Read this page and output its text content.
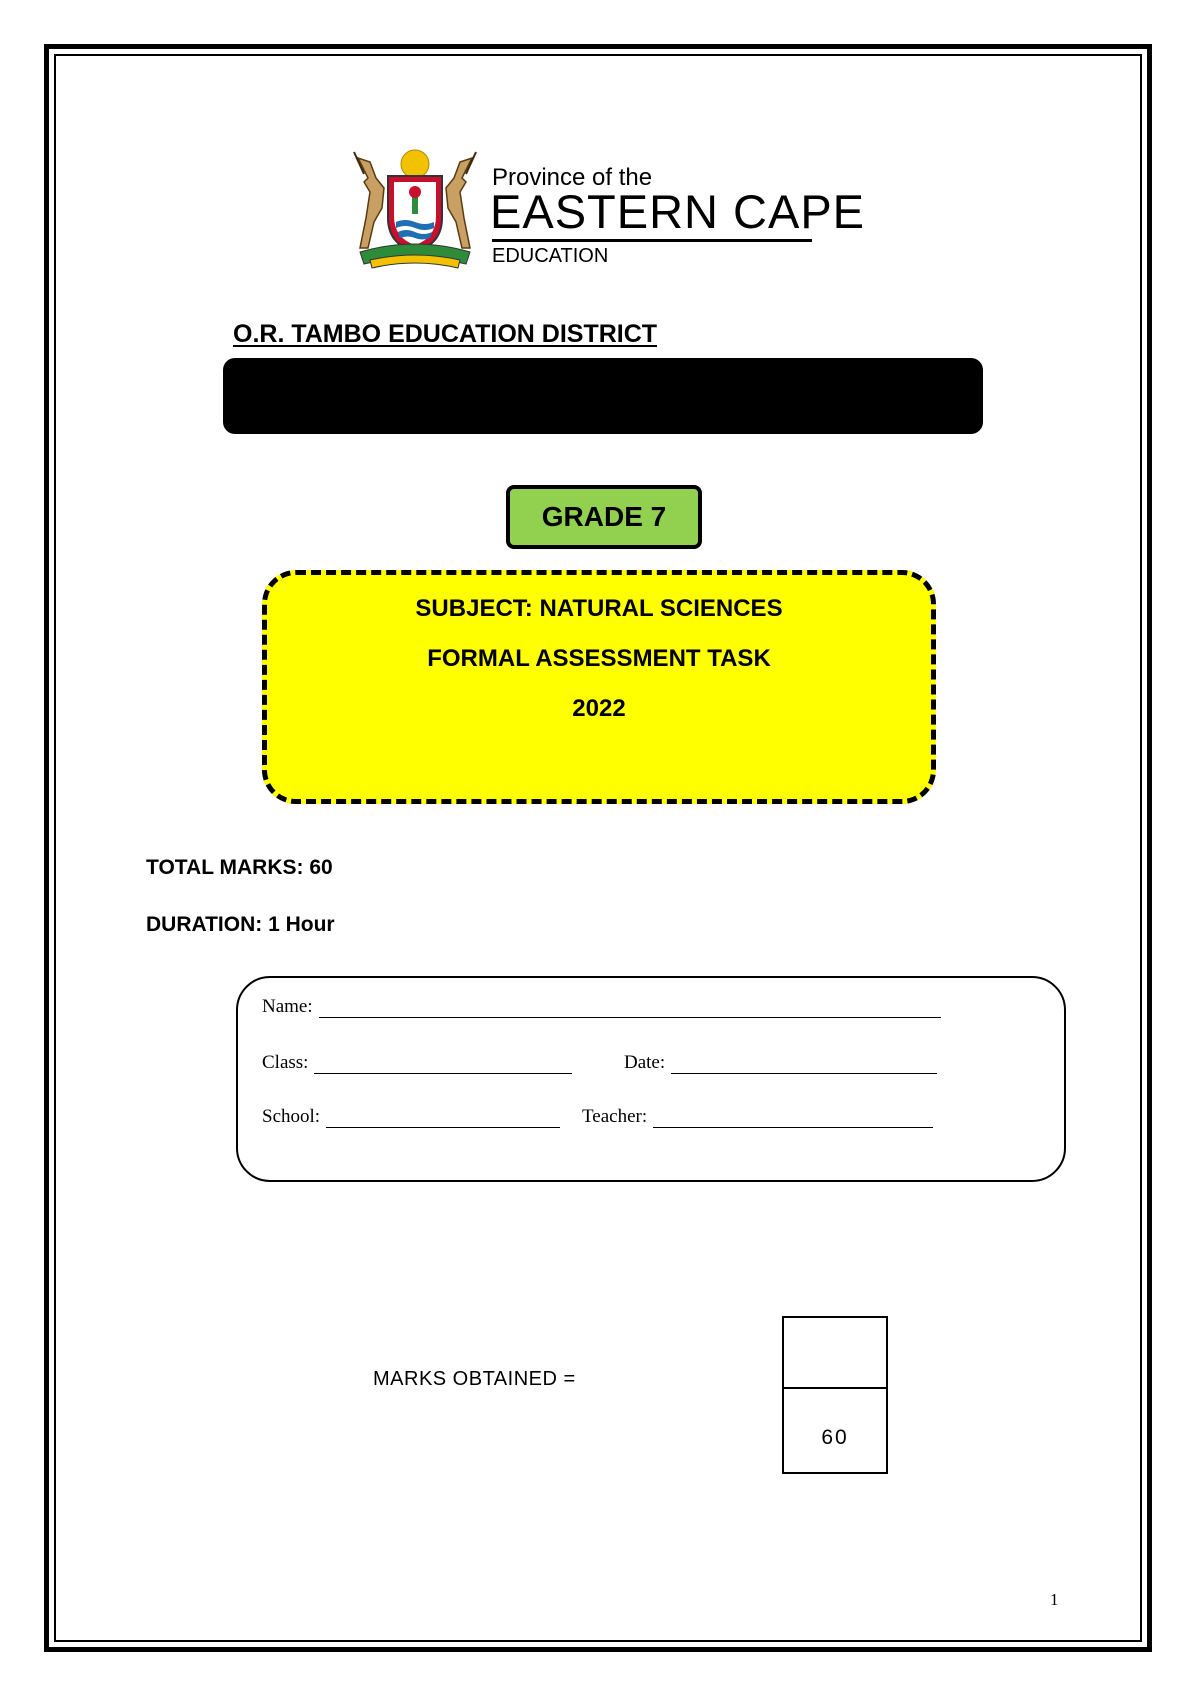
Province of the
EASTERN CAPE
EDUCATION
O.R. TAMBO EDUCATION DISTRICT
GRADE 7
SUBJECT: NATURAL SCIENCES
FORMAL ASSESSMENT TASK
2022
TOTAL MARKS: 60
DURATION: 1 Hour
Name:
Class:	Date:
School:	Teacher:
MARKS OBTAINED =
60
1
